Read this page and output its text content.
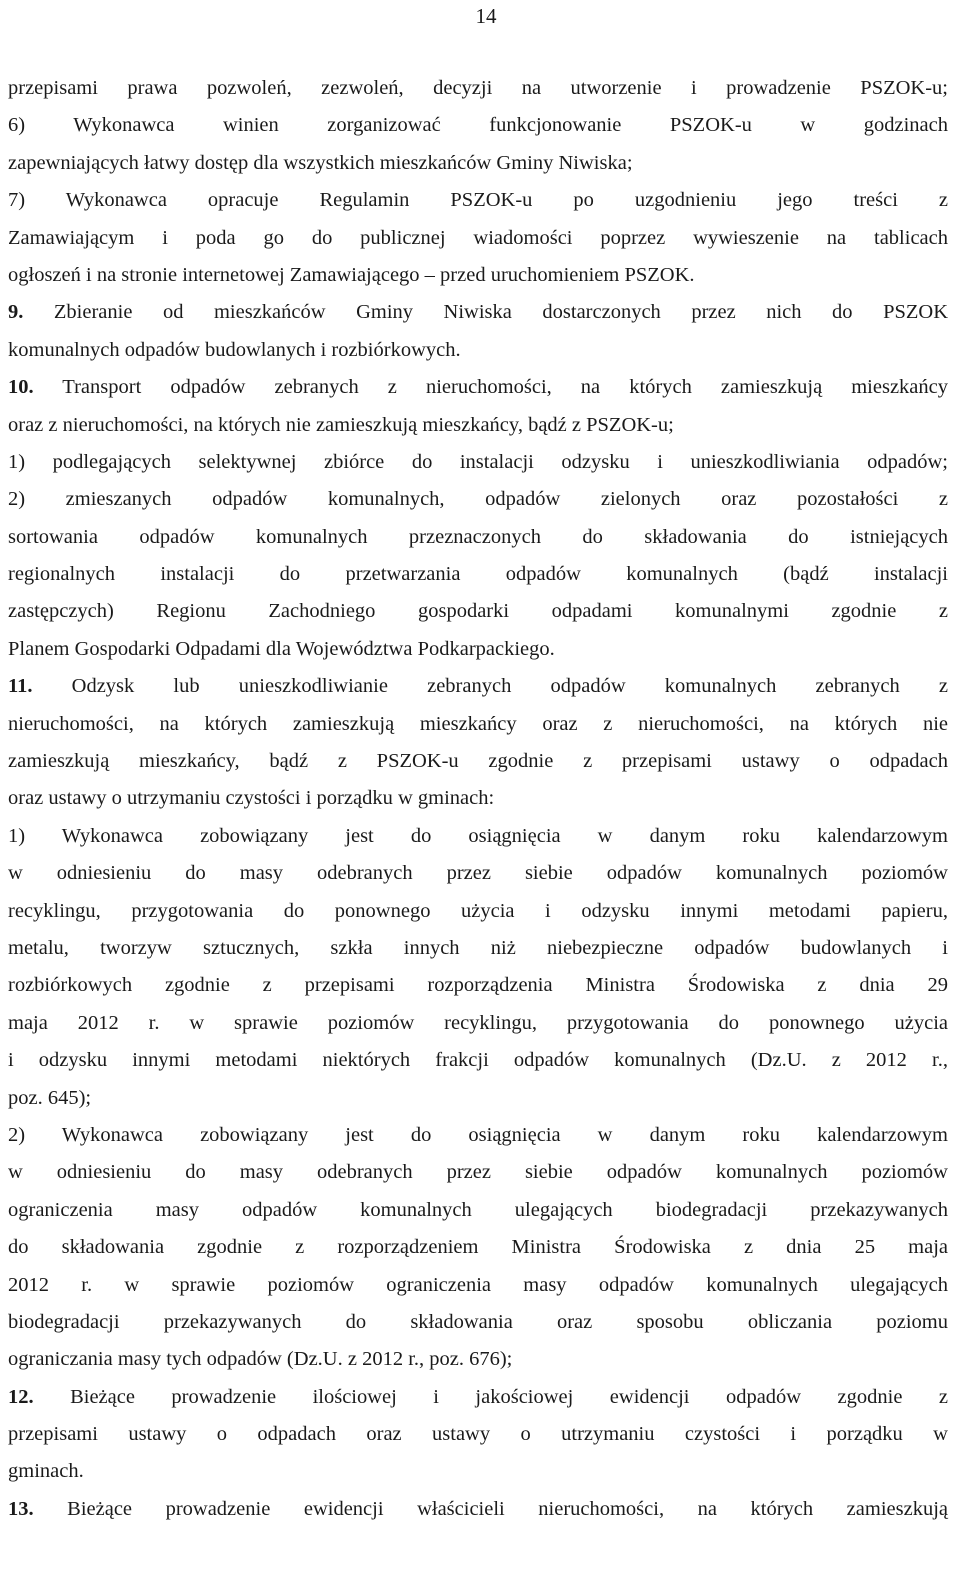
14
przepisami prawa pozwoleń, zezwoleń, decyzji na utworzenie i prowadzenie PSZOK-u;
6) Wykonawca winien zorganizować funkcjonowanie PSZOK-u w godzinach
zapewniających łatwy dostęp dla wszystkich mieszkańców Gminy Niwiska;
7) Wykonawca opracuje Regulamin PSZOK-u po uzgodnieniu jego treści z
Zamawiającym i poda go do publicznej wiadomości poprzez wywieszenie na tablicach
ogłoszeń i na stronie internetowej Zamawiającego – przed uruchomieniem PSZOK.
9. Zbieranie od mieszkańców Gminy Niwiska dostarczonych przez nich do PSZOK
komunalnych odpadów budowlanych i rozbiórkowych.
10. Transport odpadów zebranych z nieruchomości, na których zamieszkują mieszkańcy
oraz z nieruchomości, na których nie zamieszkują mieszkańcy, bądź z PSZOK-u;
1) podlegających selektywnej zbiórce do instalacji odzysku i unieszkodliwiania odpadów;
2) zmieszanych odpadów komunalnych, odpadów zielonych oraz pozostałości z
sortowania odpadów komunalnych przeznaczonych do składowania do istniejących
regionalnych instalacji do przetwarzania odpadów komunalnych (bądź instalacji
zastępczych) Regionu Zachodniego gospodarki odpadami komunalnymi zgodnie z
Planem Gospodarki Odpadami dla Województwa Podkarpackiego.
11. Odzysk lub unieszkodliwianie zebranych odpadów komunalnych zebranych z
nieruchomości, na których zamieszkują mieszkańcy oraz z nieruchomości, na których nie
zamieszkują mieszkańcy, bądź z PSZOK-u zgodnie z przepisami ustawy o odpadach
oraz ustawy o utrzymaniu czystości i porządku w gminach:
1) Wykonawca zobowiązany jest do osiągnięcia w danym roku kalendarzowym
w odniesieniu do masy odebranych przez siebie odpadów komunalnych poziomów
recyklingu, przygotowania do ponownego użycia i odzysku innymi metodami papieru,
metalu, tworzyw sztucznych, szkła innych niż niebezpieczne odpadów budowlanych i
rozbiórkowych zgodnie z przepisami rozporządzenia Ministra Środowiska z dnia 29
maja 2012 r. w sprawie poziomów recyklingu, przygotowania do ponownego użycia
i odzysku innymi metodami niektórych frakcji odpadów komunalnych (Dz.U. z 2012 r.,
poz. 645);
2) Wykonawca zobowiązany jest do osiągnięcia w danym roku kalendarzowym
w odniesieniu do masy odebranych przez siebie odpadów komunalnych poziomów
ograniczenia masy odpadów komunalnych ulegających biodegradacji przekazywanych
do składowania zgodnie z rozporządzeniem Ministra Środowiska z dnia 25 maja
2012 r. w sprawie poziomów ograniczenia masy odpadów komunalnych ulegających
biodegradacji przekazywanych do składowania oraz sposobu obliczania poziomu
ograniczania masy tych odpadów (Dz.U. z 2012 r., poz. 676);
12. Bieżące prowadzenie ilościowej i jakościowej ewidencji odpadów zgodnie z
przepisami ustawy o odpadach oraz ustawy o utrzymaniu czystości i porządku w
gminach.
13. Bieżące prowadzenie ewidencji właścicieli nieruchomości, na których zamieszkują
